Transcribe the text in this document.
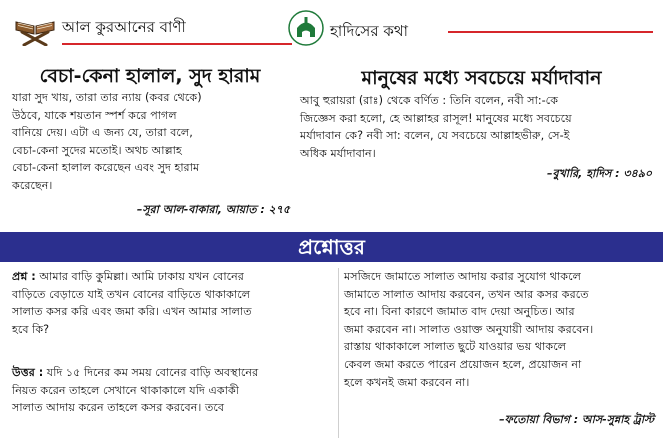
আল কুরআনের বাণী
বেচা-কেনা হালাল, সুদ হারাম
যারা সুদ খায়, তারা তার ন্যায় (কবর থেকে)
উঠবে, যাকে শয়তান স্পর্শ করে পাগল
বানিয়ে দেয়। এটা এ জন্য যে, তারা বলে,
বেচা-কেনা সুদের মতোই। অথচ আল্লাহ
বেচা-কেনা হালাল করেছেন এবং সুদ হারাম
করেছেন।
–সূরা আল-বাকারা, আয়াত : ২৭৫
হাদিসের কথা
মানুষের মধ্যে সবচেয়ে মর্যাদাবান
আবু হুরায়রা (রাঃ) থেকে বর্ণিত : তিনি বলেন, নবী সা:-কে
জিজ্ঞেস করা হলো, হে আল্লাহর রাসূল! মানুষের মধ্যে সবচেয়ে
মর্যাদাবান কে? নবী সা: বলেন, যে সবচেয়ে আল্লাহভীরু, সে-ই
অধিক মর্যাদাবান।
–বুখারি, হাদিস : ৩৪৯০
প্রশ্নোত্তর
প্রশ্ন : আমার বাড়ি কুমিল্লা। আমি ঢাকায় যখন বোনের
বাড়িতে বেড়াতে যাই তখন বোনের বাড়িতে থাকাকালে
সালাত কসর করি এবং জমা করি। এখন আমার সালাত
হবে কি?
উত্তর : যদি ১৫ দিনের কম সময় বোনের বাড়ি অবস্থানের
নিয়ত করেন তাহলে সেখানে থাকাকালে যদি একাকী
সালাত আদায় করেন তাহলে কসর করবেন। তবে
মসজিদে জামাতে সালাত আদায় করার সুযোগ থাকলে
জামাতে সালাত আদায় করবেন, তখন আর কসর করতে
হবে না। বিনা কারণে জামাত বাদ দেয়া অনুচিত। আর
জমা করবেন না। সালাত ওয়াক্ত অনুযায়ী আদায় করবেন।
রাস্তায় থাকাকালে সালাত ছুটে যাওয়ার ভয় থাকলে
কেবল জমা করতে পারেন প্রয়োজন হলে, প্রয়োজন না
হলে কখনই জমা করবেন না।
–ফতোয়া বিভাগ : আস-সুন্নাহ ট্রাস্ট
